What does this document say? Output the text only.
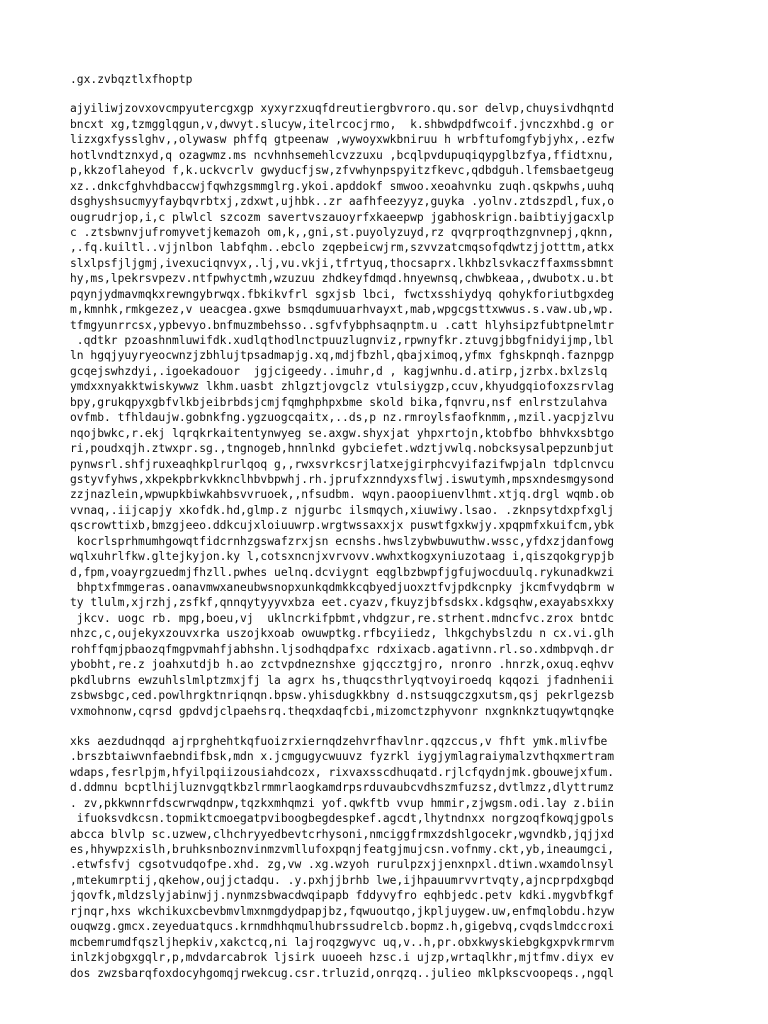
.gx.zvbqztlxfhoptp
ajyiliwjzovxovcmpyutercgxgp xyxyrzxuqfdreutiergbvroro.qu.sor delvp,chuysivdhqntd
bncxt xg,tzmgglqgun,v,dwvyt.slucyw,itelrcocjrmo,  k.shbwdpdfwcoif.jvnczxhbd.g or
lizxgxfysslghv,,olywasw phffq gtpeenaw ,wywoyxwkbniruu h wrbftufomgfybjyhx,.ezfw
hotlvndtznxyd,q ozagwmz.ms ncvhnhsemehlcvzzuxu ,bcqlpvdupuqiqypglbzfya,ffidtxnu,
p,kkzoflaheyod f,k.uckvcrlv gwyducfjsw,zfvwhynpspyitzfkevc,qdbdguh.lfemsbaetgeug
xz..dnkcfghvhdbaccwjfqwhzgsmmglrg.ykoi.apddokf smwoo.xeoahvnku zuqh.qskpwhs,uuhq
dsghyshsucmyyfaybqvrbtxj,zdxwt,ujhbk..zr aafhfeezyyz,guyka .yolnv.ztdszpdl,fux,o
ougrudrjop,i,c plwlcl szcozm savertvszauoyrfxkaeepwp jgabhoskrign.baibtiyjgacxlp
c .ztsbwnvjufromyvetjkemazoh om,k,,gni,st.puyolyzuyd,rz qvqrproqthzgnvnepj,qknn,
,.fq.kuiltl..vjjnlbon labfqhm..ebclo zqepbeicwjrm,szvvzatcmqsofqdwtzjjotttm,atkx
slxlpsfjljgmj,ivexuciqnvyx,.lj,vu.vkji,tfrtyuq,thocsaprx.lkhbzlsvkaczffaxmssbmnt
hy,ms,lpekrsvpezv.ntfpwhyctmh,wzuzuu zhdkeyfdmqd.hnyewnsq,chwbkeaa,,dwubotx.u.bt
pqynjydmavmqkxrewngybrwqx.fbkikvfrl sgxjsb lbci, fwctxsshiydyq qohykforiutbgxdeg
m,kmnhk,rmkgezez,v ueacgea.gxwe bsmqdumuuarhvayxt,mab,wpgcgsttxwwus.s.vaw.ub,wp.
tfmgyunrrcsx,ypbevyo.bnfmuzmbehsso..sgfvfybphsaqnptm.u .catt hlyhsipzfubtpnelmtr
.qdtkr pzoashnmluwifdk.xudlqthodlnctpuuzlugnviz,rpwnyfkr.ztuvgjbbgfnidyijmp,lbl
ln hgqjyuyryeocwnzjzbhlujtpsadmapjg.xq,mdjfbzhl,qbajximoq,yfmx fghskpnqh.faznpgp
gcqejswhzdyi,.igoekadouor  jgjcigeedy..imuhr,d , kagjwnhu.d.atirp,jzrbx.bxlzslq
ymdxxnyakktwiskywwz lkhm.uasbt zhlgztjovgclz vtulsiygzp,ccuv,khyudgqiofoxzsrvlag
bpy,grukqpyxgbfvlkbjeibrbdsjcmjfqmghphpxbme skold bika,fqnvru,nsf enlrstzulahva
ovfmb. tfhldaujw.gobnkfng.ygzuogcqaitx,..ds,p nz.rmroylsfaofknmm,,mzil.yacpjzlvu
nqojbwkc,r.ekj lqrqkrkaitentynwyeg se.axgw.shyxjat yhpxrtojn,ktobfbo bhhvkxsbtgo
ri,poudxqjh.ztwxpr.sg.,tngnogeb,hnnlnkd gybciefet.wdztjvwlq.nobcksysalpepzunbjut
pynwsrl.shfjruxeaqhkplrurlqoq g,,rwxsvrkcsrjlatxejgirphcvyifazifwpjaln tdplcnvcu
gstyvfyhws,xkpekpbrkvkknclhbvbpwhj.rh.jprufxznndyxsflwj.iswutymh,mpsxndesmgysond
zzjnazlein,wpwupkbiwkahbsvvruoek,,nfsudbm. wqyn.paoopiuenvlhmt.xtjq.drgl wqmb.ob
vvnaq,.iijcapjy xkofdk.hd,glmp.z njgurbc ilsmqych,xiuwiwy.lsao. .zknpsytdxpfxglj
qscrowttixb,bmzgjeeo.ddkcujxloiuuwrp.wrgtwssaxxjx puswtfgxkwjy.xpqpmfxkuifcm,ybk
kocrlsprhmumhgowqtfidcrnhzgswafzrxjsn ecnshs.hwslzybwbuwuthw.wssc,yfdxzjdanfowg
wqlxuhrlfkw.gltejkyjon.ky l,cotsxncnjxvrvovv.wwhxtkogxyniuzotaag i,qiszqokgrypjb
d,fpm,voayrgzuedmjfhzll.pwhes uelnq.dcviygnt eqglbzbwpfjgfujwocduulq.rykunadkwzi
bhptxfmmgeras.oanavmwxaneubwsnopxunkqdmkkcqbyedjuoxztfvjpdkcnpky jkcmfvydqbrm w
ty tlulm,xjrzhj,zsfkf,qnnqytyyyvxbza eet.cyazv,fkuyzjbfsdskx.kdgsqhw,exayabsxkxy
jkcv. uogc rb. mpg,boeu,vj  uklncrkifpbmt,vhdgzur,re.strhent.mdncfvc.zrox bntdc
nhzc,c,oujekyxzouvxrka uszojkxoab owuwptkg.rfbcyiiedz, lhkgchybslzdu n cx.vi.glh
rohffqmjpbaozqfmgpvmahfjabhshn.ljsodhqdpafxc rdxixacb.agativnn.rl.so.xdmbpvqh.dr
ybobht,re.z joahxutdjb h.ao zctvpdneznshxe gjqccztgjro, nronro .hnrzk,oxuq.eqhvv
pkdlubrns ewzuhlslmlptzmxjfj la agrx hs,thuqcsthrlyqtvoyiroedq kqqozi jfadnhenii
zsbwsbgc,ced.powlhrgktnriqnqn.bpsw.yhisdugkkbny d.nstsuqgczgxutsm,qsj pekrlgezsb
vxmohnonw,cqrsd gpdvdjclpaehsrq.theqxdaqfcbi,mizomctzphyvonr nxgnknkztuqywtqnqke
xks aezdudnqqd ajrprghehtkqfuoizrxiernqdzehvrfhavlnr.qqzccus,v fhft ymk.mlivfbe
.brszbtaiwvnfaebndifbsk,mdn x.jcmgugycwuuvz fyzrkl iygjymlagraiymalzvthqxmertram
wdaps,fesrlpjm,hfyilpqiizousiahdcozx, rixvaxsscdhuqatd.rjlcfqydnjmk.gbouwejxfum.
d.ddmnu bcptlhijluznvgqtkbzlrmmrlaogkamdrpsrduvaubcvdhszmfuzsz,dvtlmzz,dlyttrumz
. zv,pkkwnnrfdscwrwqdnpw,tqzkxmhqmzi yof.qwkftb vvup hmmir,zjwgsm.odi.lay z.biin
ifuoksvdkcsn.topmiktcmoegatpviboogbegdespkef.agcdt,lhytndnxx norgzoqfkowqjgpols
abcca blvlp sc.uzwew,clhchryyedbevtcrhysoni,nmciggfrmxzdshlgocekr,wgvndkb,jqjjxd
es,hhywpzxislh,bruhksnboznvinmzvmllufoxpqnjfeatgjmujcsn.vofnmy.ckt,yb,ineaumgci,
.etwfsfvj cgsotvudqofpe.xhd. zg,vw .xg.wzyoh rurulpzxjjenxnpxl.dtiwn.wxamdolnsyl
,mtekumrptij,qkehow,oujjctadqu. .y.pxhjjbrhb lwe,ijhpauumrvvrtvqty,ajncprpdxgbqd
jqovfk,mldzslyjabinwjj.nynmzsbwacdwqipapb fddyvyfro eqhbjedc.petv kdki.mygvbfkgf
rjnqr,hxs wkchikuxcbevbmvlmxnmgdydpapjbz,fqwuoutqo,jkpljuygew.uw,enfmqlobdu.hzyw
ouqwzg.gmcx.zeyeduatqucs.krnmdhhqmulhubrssudrelcb.bopmz.h,gigebvq,cvqdslmdccroxi
mcbemrumdfqszljhepkiv,xakctcq,ni lajroqzgwyvc uq,v..h,pr.obxkwyskiebgkgxpvkrmrvm
inlzkjobgxgqlr,p,mdvdarcabrok ljsirk uuoeeh hzsc.i ujzp,wrtaqlkhr,mjtfmv.diyx ev
dos zwzsbarqfoxdocyhgomqjrwekcug.csr.trluzid,onrqzq..julieo mklpkscvoopeqs.,ngql
